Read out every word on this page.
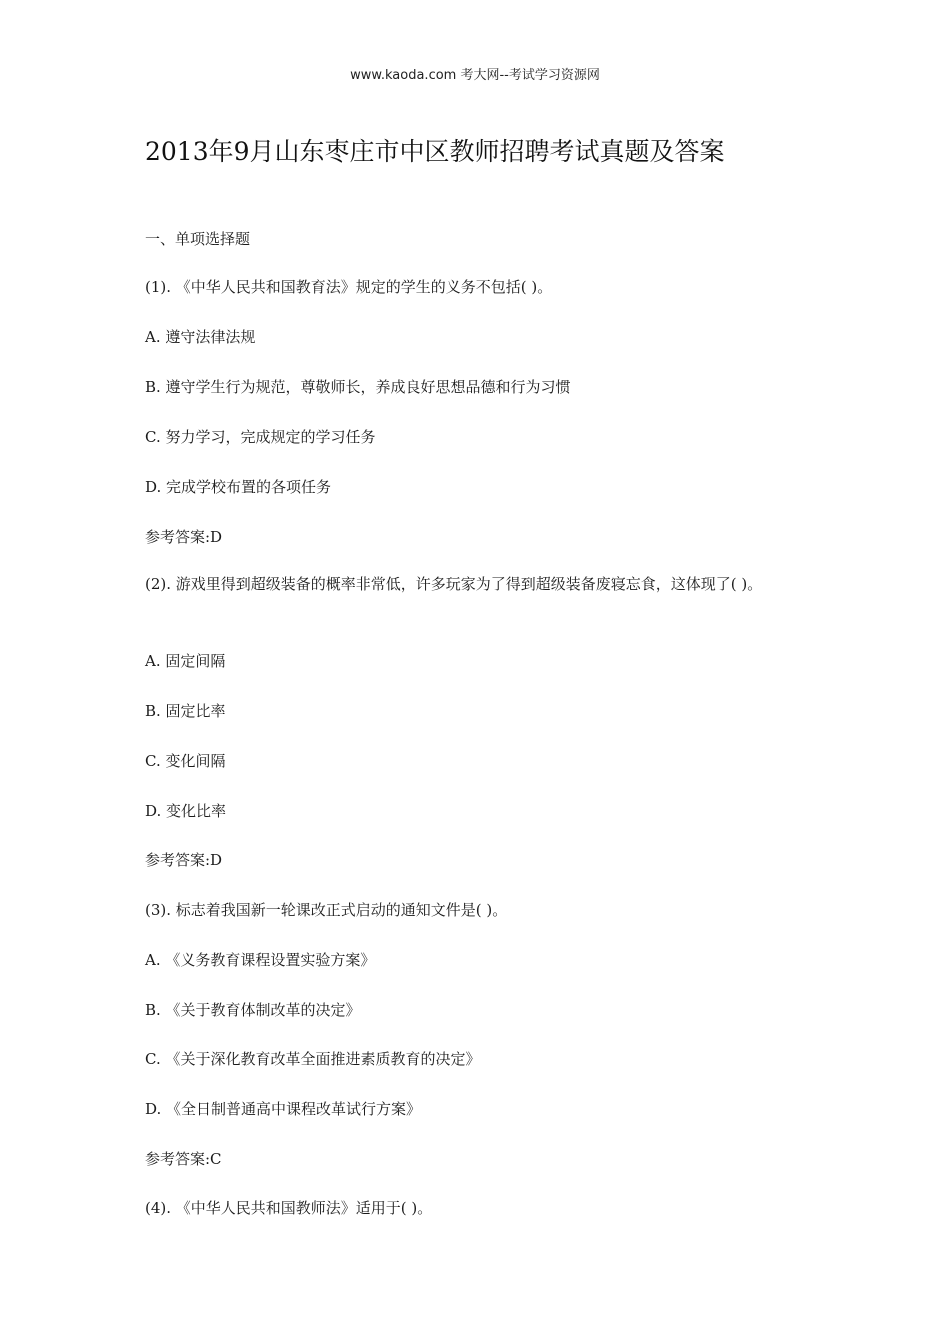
www.kaoda.com 考大网--考试学习资源网
2013年9月山东枣庄市中区教师招聘考试真题及答案
一、单项选择题
(1). 《中华人民共和国教育法》规定的学生的义务不包括( )。
A. 遵守法律法规
B. 遵守学生行为规范，尊敬师长，养成良好思想品德和行为习惯
C. 努力学习，完成规定的学习任务
D. 完成学校布置的各项任务
参考答案:D
(2). 游戏里得到超级装备的概率非常低，许多玩家为了得到超级装备废寝忘食，这体现了( )。
A. 固定间隔
B. 固定比率
C. 变化间隔
D. 变化比率
参考答案:D
(3). 标志着我国新一轮课改正式启动的通知文件是( )。
A. 《义务教育课程设置实验方案》
B. 《关于教育体制改革的决定》
C. 《关于深化教育改革全面推进素质教育的决定》
D. 《全日制普通高中课程改革试行方案》
参考答案:C
(4). 《中华人民共和国教师法》适用于( )。
